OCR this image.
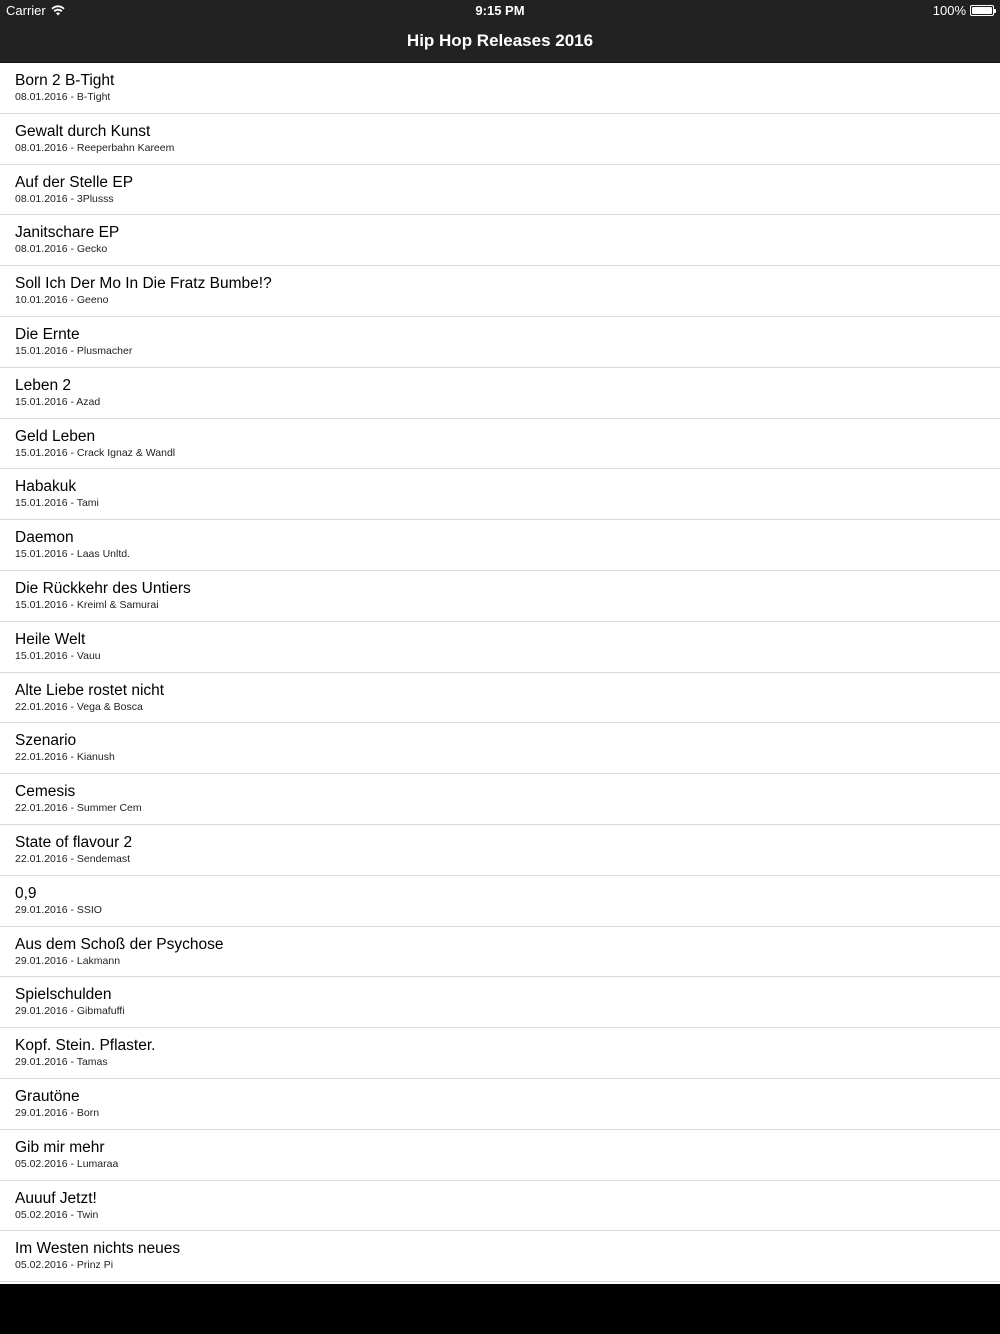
Carrier	9:15 PM	100%
Hip Hop Releases 2016
Born 2 B-Tight
08.01.2016 - B-Tight
Gewalt durch Kunst
08.01.2016 - Reeperbahn Kareem
Auf der Stelle EP
08.01.2016 - 3Plusss
Janitschare EP
08.01.2016 - Gecko
Soll Ich Der Mo In Die Fratz Bumbe!?
10.01.2016 - Geeno
Die Ernte
15.01.2016 - Plusmacher
Leben 2
15.01.2016 - Azad
Geld Leben
15.01.2016 - Crack Ignaz & Wandl
Habakuk
15.01.2016 - Tami
Daemon
15.01.2016 - Laas Unltd.
Die Rückkehr des Untiers
15.01.2016 - Kreiml & Samurai
Heile Welt
15.01.2016 - Vauu
Alte Liebe rostet nicht
22.01.2016 - Vega & Bosca
Szenario
22.01.2016 - Kianush
Cemesis
22.01.2016 - Summer Cem
State of flavour 2
22.01.2016 - Sendemast
0,9
29.01.2016 - SSIO
Aus dem Schoß der Psychose
29.01.2016 - Lakmann
Spielschulden
29.01.2016 - Gibmafuffi
Kopf. Stein. Pflaster.
29.01.2016 - Tamas
Grautöne
29.01.2016 - Born
Gib mir mehr
05.02.2016 - Lumaraa
Auuuf Jetzt!
05.02.2016 - Twin
Im Westen nichts neues
05.02.2016 - Prinz Pi
